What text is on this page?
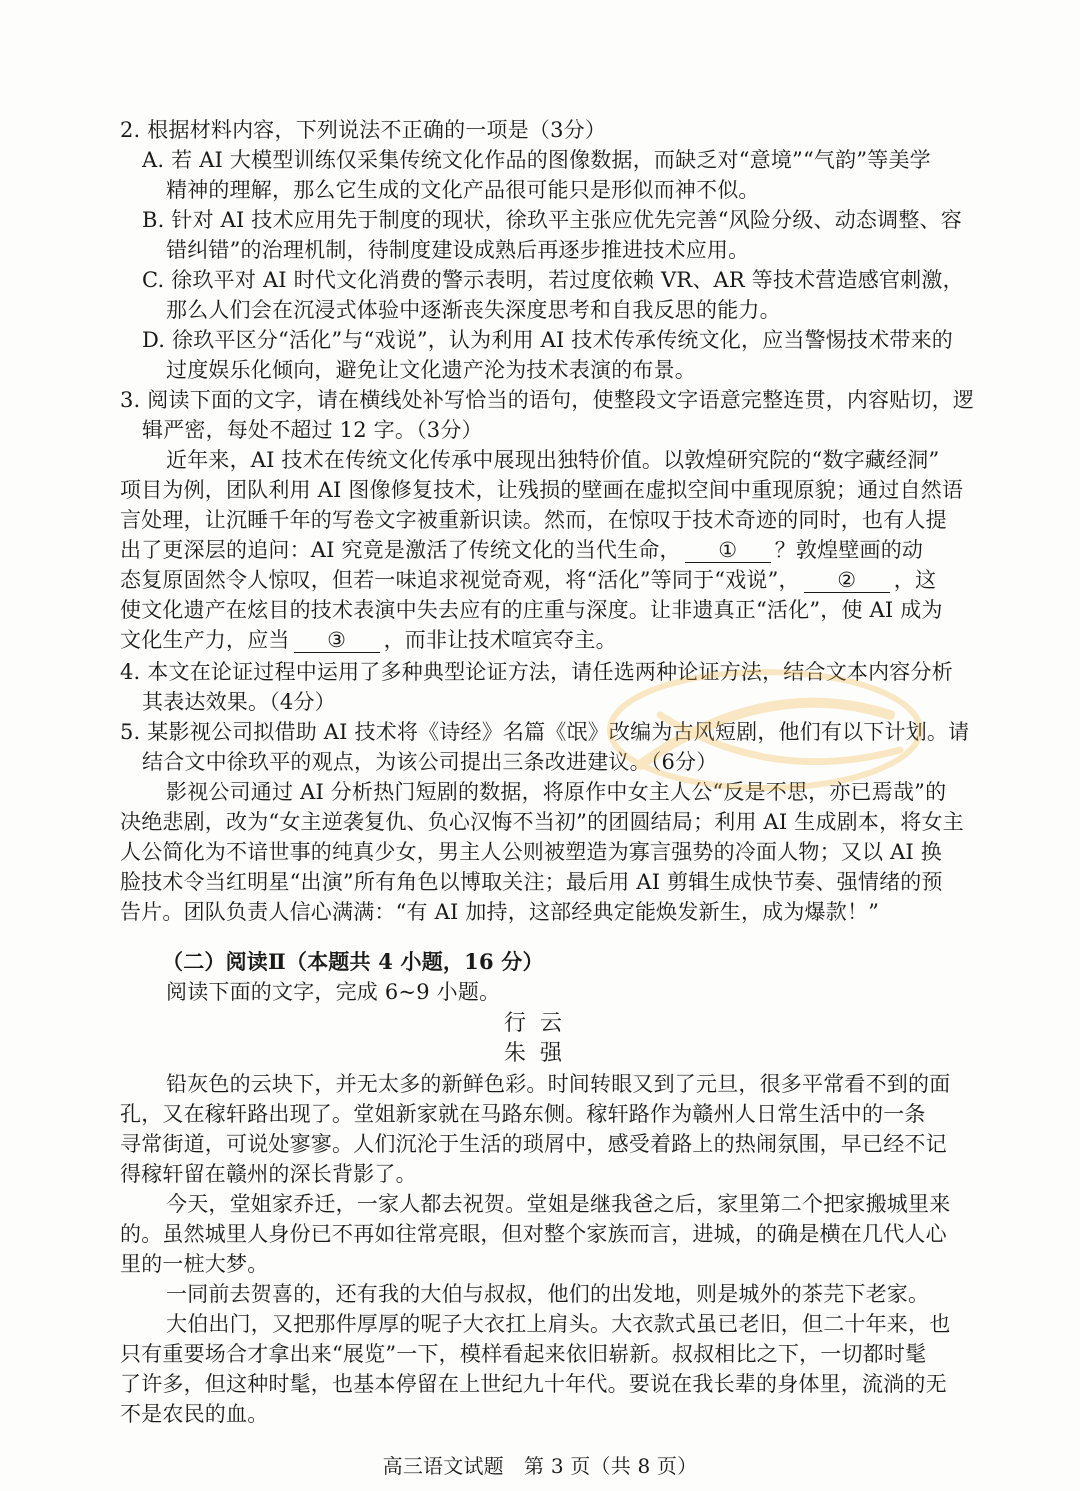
2. 根据材料内容，下列说法不正确的一项是（3分）
A. 若 AI 大模型训练仅采集传统文化作品的图像数据，而缺乏对“意境”“气韵”等美学
精神的理解，那么它生成的文化产品很可能只是形似而神不似。
B. 针对 AI 技术应用先于制度的现状，徐玖平主张应优先完善“风险分级、动态调整、容
错纠错”的治理机制，待制度建设成熟后再逐步推进技术应用。
C. 徐玖平对 AI 时代文化消费的警示表明，若过度依赖 VR、AR 等技术营造感官刺激，
那么人们会在沉浸式体验中逐渐丧失深度思考和自我反思的能力。
D. 徐玖平区分“活化”与“戏说”，认为利用 AI 技术传承传统文化，应当警惕技术带来的
过度娱乐化倾向，避免让文化遗产沦为技术表演的布景。
3. 阅读下面的文字，请在横线处补写恰当的语句，使整段文字语意完整连贯，内容贴切，逻
辑严密，每处不超过 12 字。（3分）
近年来，AI 技术在传统文化传承中展现出独特价值。以敦煌研究院的“数字藏经洞”
项目为例，团队利用 AI 图像修复技术，让残损的壁画在虚拟空间中重现原貌；通过自然语
言处理，让沉睡千年的写卷文字被重新识读。然而，在惊叹于技术奇迹的同时，也有人提
出了更深层的追问：AI 究竟是激活了传统文化的当代生命， ① ？敦煌壁画的动
态复原固然令人惊叹，但若一味追求视觉奇观，将“活化”等同于“戏说”， ② ，这
使文化遗产在炫目的技术表演中失去应有的庄重与深度。让非遗真正“活化”，使 AI 成为
文化生产力，应当 ③ ，而非让技术喧宾夺主。
4. 本文在论证过程中运用了多种典型论证方法，请任选两种论证方法，结合文本内容分析
其表达效果。（4分）
5. 某影视公司拟借助 AI 技术将《诗经》名篇《氓》改编为古风短剧，他们有以下计划。请
结合文中徐玖平的观点，为该公司提出三条改进建议。（6分）
影视公司通过 AI 分析热门短剧的数据，将原作中女主人公“反是不思，亦已焉哉”的
决绝悲剧，改为“女主逆袭复仇、负心汉悔不当初”的团圆结局；利用 AI 生成剧本，将女主
人公简化为不谙世事的纯真少女，男主人公则被塑造为寡言强势的冷面人物；又以 AI 换
脸技术令当红明星“出演”所有角色以博取关注；最后用 AI 剪辑生成快节奏、强情绪的预
告片。团队负责人信心满满：“有 AI 加持，这部经典定能焕发新生，成为爆款！”
（二）阅读Ⅱ（本题共 4 小题，16 分）
阅读下面的文字，完成 6~9 小题。
行云
朱强
铅灰色的云块下，并无太多的新鲜色彩。时间转眼又到了元旦，很多平常看不到的面
孔，又在稼轩路出现了。堂姐新家就在马路东侧。稼轩路作为赣州人日常生活中的一条
寻常街道，可说处寥寥。人们沉沦于生活的琐屑中，感受着路上的热闹氛围，早已经不记
得稼轩留在赣州的深长背影了。
今天，堂姐家乔迁，一家人都去祝贺。堂姐是继我爸之后，家里第二个把家搬城里来
的。虽然城里人身份已不再如往常亮眼，但对整个家族而言，进城，的确是横在几代人心
里的一桩大梦。
一同前去贺喜的，还有我的大伯与叔叔，他们的出发地，则是城外的茶芫下老家。
大伯出门，又把那件厚厚的呢子大衣扛上肩头。大衣款式虽已老旧，但二十年来，也
只有重要场合才拿出来“展览”一下，模样看起来依旧崭新。叔叔相比之下，一切都时髦
了许多，但这种时髦，也基本停留在上世纪九十年代。要说在我长辈的身体里，流淌的无
不是农民的血。
高三语文试题　第 3 页（共 8 页）
